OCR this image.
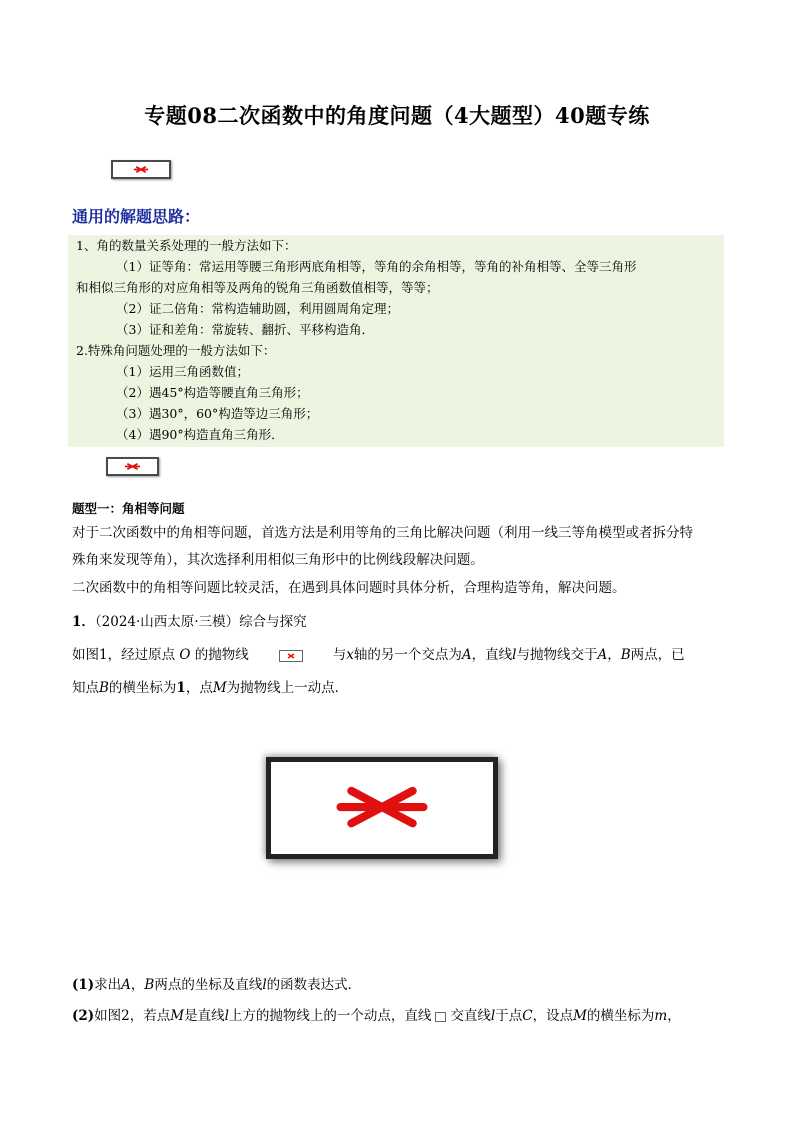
专题08二次函数中的角度问题（4大题型）40题专练
通用的解题思路：
1、角的数量关系处理的一般方法如下：
（1）证等角：常运用等腰三角形两底角相等，等角的余角相等，等角的补角相等、全等三角形
和相似三角形的对应角相等及两角的锐角三角函数值相等，等等；
（2）证二倍角：常构造辅助圆，利用圆周角定理；
（3）证和差角：常旋转、翻折、平移构造角．
2.特殊角问题处理的一般方法如下：
（1）运用三角函数值；
（2）遇45°构造等腰直角三角形；
（3）遇30°，60°构造等边三角形；
（4）遇90°构造直角三角形．
题型一：角相等问题
对于二次函数中的角相等问题，首选方法是利用等角的三角比解决问题（利用一线三等角模型或者拆分特
殊角来发现等角），其次选择利用相似三角形中的比例线段解决问题。
二次函数中的角相等问题比较灵活，在遇到具体问题时具体分析，合理构造等角，解决问题。
1．（2024·山西太原·三模）综合与探究
如图1，经过原点 O 的抛物线	与x轴的另一个交点为A，直线l与抛物线交于A，B两点，已
知点B的横坐标为1，点M为抛物线上一动点．
(1)求出A，B两点的坐标及直线l的函数表达式．
(2)如图2，若点M是直线l上方的抛物线上的一个动点，直线 交直线l于点C，设点M的横坐标为m，
